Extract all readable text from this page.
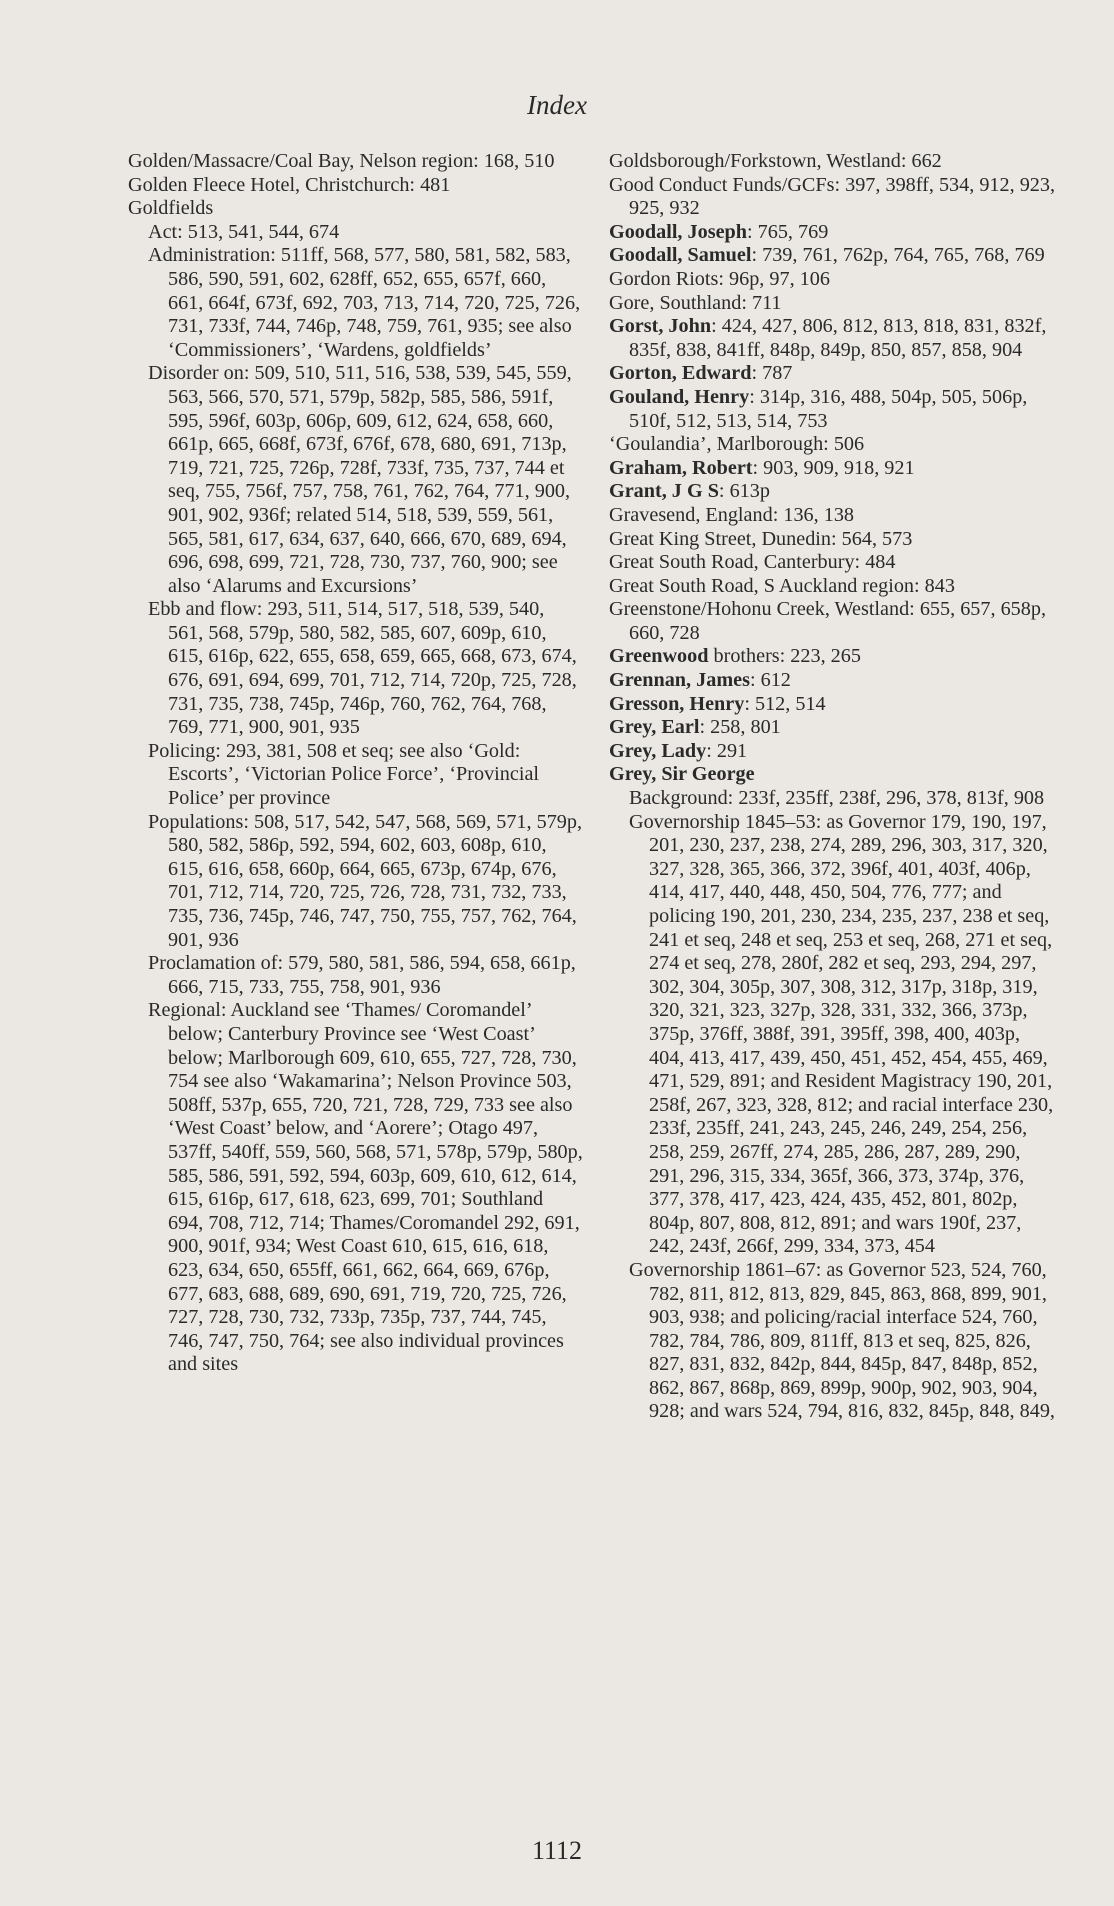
Index

Golden/Massacre/Coal Bay, Nelson region: 168, 510

Golden Fleece Hotel, Christchurch: 481

Goldfields

Act: 513, 541, 544, 674

Administration: 511ff, 568, 577, 580, 581, 582, 583, 586, 590, 591, 602, 628ff, 652, 655, 657f, 660, 661, 664f, 673f, 692, 703, 713, 714, 720, 725, 726, 731, 733f, 744, 746p, 748, 759, 761, 935; see also ‘Commissioners’, ‘Wardens, goldfields’

Disorder on: 509, 510, 511, 516, 538, 539, 545, 559, 563, 566, 570, 571, 579p, 582p, 585, 586, 591f, 595, 596f, 603p, 606p, 609, 612, 624, 658, 660, 661p, 665, 668f, 673f, 676f, 678, 680, 691, 713p, 719, 721, 725, 726p, 728f, 733f, 735, 737, 744 et seq, 755, 756f, 757, 758, 761, 762, 764, 771, 900, 901, 902, 936f; related 514, 518, 539, 559, 561, 565, 581, 617, 634, 637, 640, 666, 670, 689, 694, 696, 698, 699, 721, 728, 730, 737, 760, 900; see also ‘Alarums and Excursions’

Ebb and flow: 293, 511, 514, 517, 518, 539, 540, 561, 568, 579p, 580, 582, 585, 607, 609p, 610, 615, 616p, 622, 655, 658, 659, 665, 668, 673, 674, 676, 691, 694, 699, 701, 712, 714, 720p, 725, 728, 731, 735, 738, 745p, 746p, 760, 762, 764, 768, 769, 771, 900, 901, 935

Policing: 293, 381, 508 et seq; see also ‘Gold: Escorts’, ‘Victorian Police Force’, ‘Provincial Police’ per province

Populations: 508, 517, 542, 547, 568, 569, 571, 579p, 580, 582, 586p, 592, 594, 602, 603, 608p, 610, 615, 616, 658, 660p, 664, 665, 673p, 674p, 676, 701, 712, 714, 720, 725, 726, 728, 731, 732, 733, 735, 736, 745p, 746, 747, 750, 755, 757, 762, 764, 901, 936

Proclamation of: 579, 580, 581, 586, 594, 658, 661p, 666, 715, 733, 755, 758, 901, 936

Regional: Auckland see ‘Thames/ Coromandel’ below; Canterbury Province see ‘West Coast’ below; Marlborough 609, 610, 655, 727, 728, 730, 754 see also ‘Wakamarina’; Nelson Province 503, 508ff, 537p, 655, 720, 721, 728, 729, 733 see also ‘West Coast’ below, and ‘Aorere’; Otago 497, 537ff, 540ff, 559, 560, 568, 571, 578p, 579p, 580p, 585, 586, 591, 592, 594, 603p, 609, 610, 612, 614, 615, 616p, 617, 618, 623, 699, 701; Southland 694, 708, 712, 714; Thames/Coromandel 292, 691, 900, 901f, 934; West Coast 610, 615, 616, 618, 623, 634, 650, 655ff, 661, 662, 664, 669, 676p, 677, 683, 688, 689, 690, 691, 719, 720, 725, 726, 727, 728, 730, 732, 733p, 735p, 737, 744, 745, 746, 747, 750, 764; see also individual provinces and sites

Goldsborough/Forkstown, Westland: 662

Good Conduct Funds/GCFs: 397, 398ff, 534, 912, 923, 925, 932

Goodall, Joseph: 765, 769

Goodall, Samuel: 739, 761, 762p, 764, 765, 768, 769

Gordon Riots: 96p, 97, 106

Gore, Southland: 711

Gorst, John: 424, 427, 806, 812, 813, 818, 831, 832f, 835f, 838, 841ff, 848p, 849p, 850, 857, 858, 904

Gorton, Edward: 787

Gouland, Henry: 314p, 316, 488, 504p, 505, 506p, 510f, 512, 513, 514, 753

‘Goulandia’, Marlborough: 506

Graham, Robert: 903, 909, 918, 921

Grant, J G S: 613p

Gravesend, England: 136, 138

Great King Street, Dunedin: 564, 573

Great South Road, Canterbury: 484

Great South Road, S Auckland region: 843

Greenstone/Hohonu Creek, Westland: 655, 657, 658p, 660, 728

Greenwood brothers: 223, 265

Grennan, James: 612

Gresson, Henry: 512, 514

Grey, Earl: 258, 801

Grey, Lady: 291

Grey, Sir George

Background: 233f, 235ff, 238f, 296, 378, 813f, 908

Governorship 1845–53: as Governor 179, 190, 197, 201, 230, 237, 238, 274, 289, 296, 303, 317, 320, 327, 328, 365, 366, 372, 396f, 401, 403f, 406p, 414, 417, 440, 448, 450, 504, 776, 777; and policing 190, 201, 230, 234, 235, 237, 238 et seq, 241 et seq, 248 et seq, 253 et seq, 268, 271 et seq, 274 et seq, 278, 280f, 282 et seq, 293, 294, 297, 302, 304, 305p, 307, 308, 312, 317p, 318p, 319, 320, 321, 323, 327p, 328, 331, 332, 366, 373p, 375p, 376ff, 388f, 391, 395ff, 398, 400, 403p, 404, 413, 417, 439, 450, 451, 452, 454, 455, 469, 471, 529, 891; and Resident Magistracy 190, 201, 258f, 267, 323, 328, 812; and racial interface 230, 233f, 235ff, 241, 243, 245, 246, 249, 254, 256, 258, 259, 267ff, 274, 285, 286, 287, 289, 290, 291, 296, 315, 334, 365f, 366, 373, 374p, 376, 377, 378, 417, 423, 424, 435, 452, 801, 802p, 804p, 807, 808, 812, 891; and wars 190f, 237, 242, 243f, 266f, 299, 334, 373, 454

Governorship 1861–67: as Governor 523, 524, 760, 782, 811, 812, 813, 829, 845, 863, 868, 899, 901, 903, 938; and policing/racial interface 524, 760, 782, 784, 786, 809, 811ff, 813 et seq, 825, 826, 827, 831, 832, 842p, 844, 845p, 847, 848p, 852, 862, 867, 868p, 869, 899p, 900p, 902, 903, 904, 928; and wars 524, 794, 816, 832, 845p, 848, 849,

1112
